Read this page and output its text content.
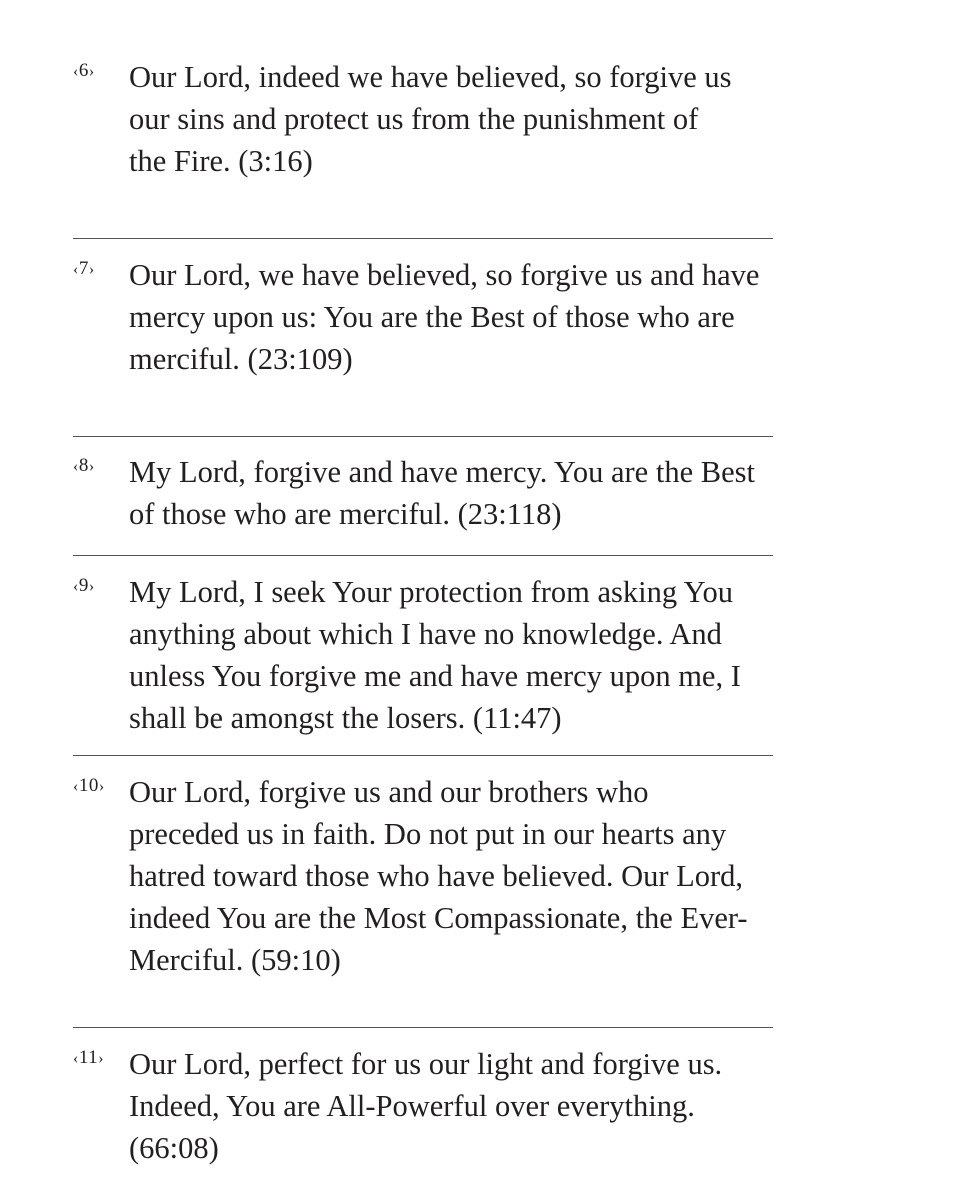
‹6› Our Lord, indeed we have believed, so forgive us
our sins and protect us from the punishment of
the Fire. (3:16)
‹7› Our Lord, we have believed, so forgive us and have
mercy upon us: You are the Best of those who are
merciful. (23:109)
‹8› My Lord, forgive and have mercy. You are the Best
of those who are merciful. (23:118)
‹9› My Lord, I seek Your protection from asking You
anything about which I have no knowledge. And
unless You forgive me and have mercy upon me, I
shall be amongst the losers. (11:47)
‹10› Our Lord, forgive us and our brothers who
preceded us in faith. Do not put in our hearts any
hatred toward those who have believed. Our Lord,
indeed You are the Most Compassionate, the Ever-
Merciful. (59:10)
‹11› Our Lord, perfect for us our light and forgive us.
Indeed, You are All-Powerful over everything.
(66:08)
